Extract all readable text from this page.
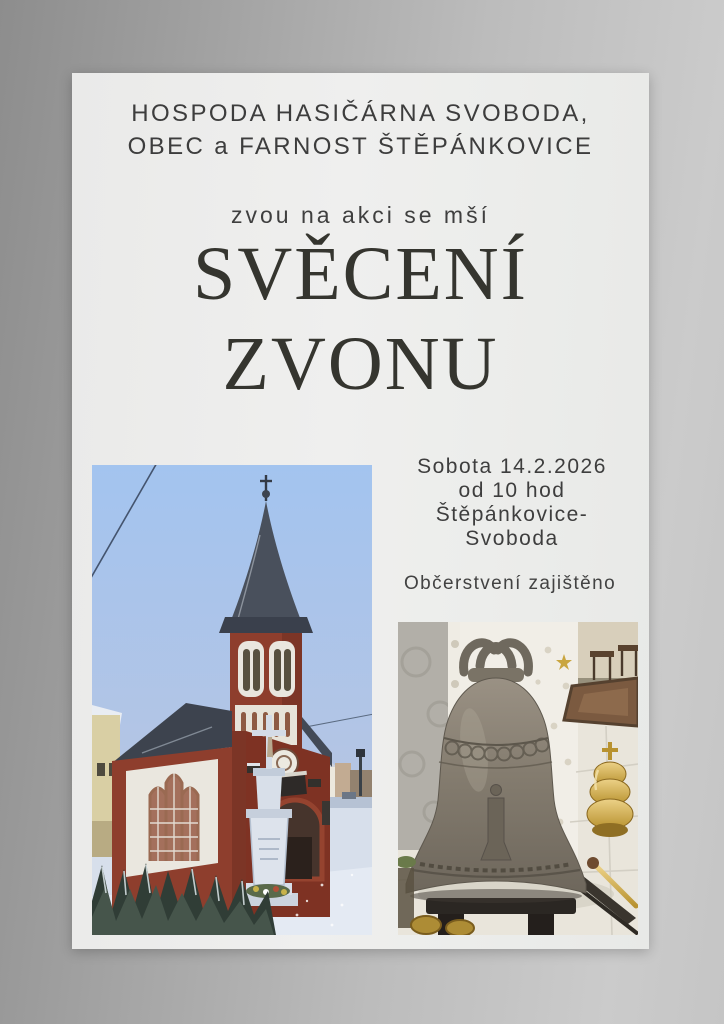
HOSPODA HASIČÁRNA SVOBODA,
OBEC a FARNOST ŠTĚPÁNKOVICE
zvou na akci se mší
SVĚCENÍ
ZVONU
Sobota 14.2.2026
od 10 hod
Štěpánkovice-
Svoboda
Občerstvení zajištěno
